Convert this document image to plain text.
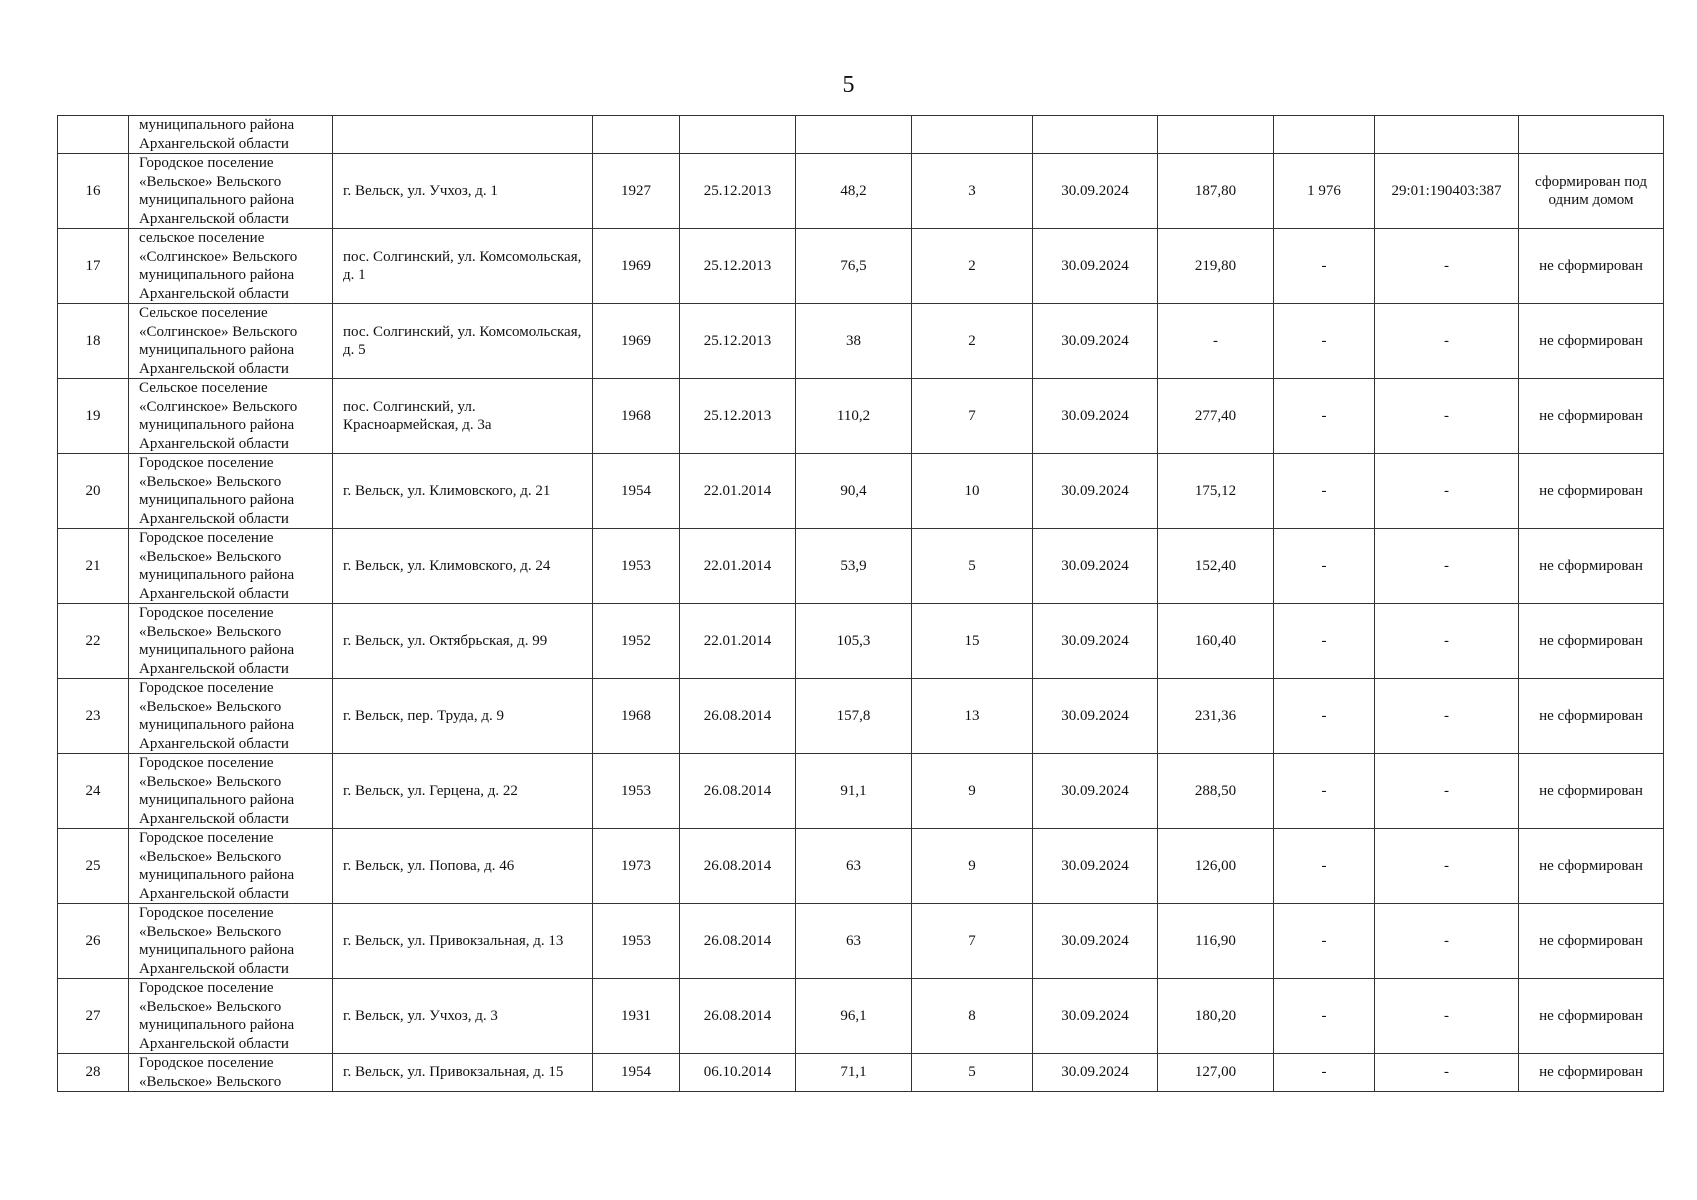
5

	муниципального района
Архангельской области										

16	Городское поселение
«Вельское» Вельского
муниципального района
Архангельской области	г. Вельск, ул. Учхоз, д. 1	1927	25.12.2013	48,2	3	30.09.2024	187,80	1 976	29:01:190403:387	сформирован под одним домом
17	сельское поселение
«Солгинское» Вельского
муниципального района
Архангельской области	пос. Солгинский, ул. Комсомольская, д. 1	1969	25.12.2013	76,5	2	30.09.2024	219,80	-	-	не сформирован
18	Сельское поселение
«Солгинское» Вельского
муниципального района
Архангельской области	пос. Солгинский, ул. Комсомольская, д. 5	1969	25.12.2013	38	2	30.09.2024	-	-	-	не сформирован
19	Сельское поселение
«Солгинское» Вельского
муниципального района
Архангельской области	пос. Солгинский, ул. Красноармейская, д. 3а	1968	25.12.2013	110,2	7	30.09.2024	277,40	-	-	не сформирован
20	Городское поселение
«Вельское» Вельского
муниципального района
Архангельской области	г. Вельск, ул. Климовского, д. 21	1954	22.01.2014	90,4	10	30.09.2024	175,12	-	-	не сформирован
21	Городское поселение
«Вельское» Вельского
муниципального района
Архангельской области	г. Вельск, ул. Климовского, д. 24	1953	22.01.2014	53,9	5	30.09.2024	152,40	-	-	не сформирован
22	Городское поселение
«Вельское» Вельского
муниципального района
Архангельской области	г. Вельск, ул. Октябрьская, д. 99	1952	22.01.2014	105,3	15	30.09.2024	160,40	-	-	не сформирован
23	Городское поселение
«Вельское» Вельского
муниципального района
Архангельской области	г. Вельск, пер. Труда, д. 9	1968	26.08.2014	157,8	13	30.09.2024	231,36	-	-	не сформирован
24	Городское поселение
«Вельское» Вельского
муниципального района
Архангельской области	г. Вельск, ул. Герцена, д. 22	1953	26.08.2014	91,1	9	30.09.2024	288,50	-	-	не сформирован
25	Городское поселение
«Вельское» Вельского
муниципального района
Архангельской области	г. Вельск, ул. Попова, д. 46	1973	26.08.2014	63	9	30.09.2024	126,00	-	-	не сформирован
26	Городское поселение
«Вельское» Вельского
муниципального района
Архангельской области	г. Вельск, ул. Привокзальная, д. 13	1953	26.08.2014	63	7	30.09.2024	116,90	-	-	не сформирован
27	Городское поселение
«Вельское» Вельского
муниципального района
Архангельской области	г. Вельск, ул. Учхоз, д. 3	1931	26.08.2014	96,1	8	30.09.2024	180,20	-	-	не сформирован
28	Городское поселение
«Вельское» Вельского	г. Вельск, ул. Привокзальная, д. 15	1954	06.10.2014	71,1	5	30.09.2024	127,00	-	-	не сформирован
